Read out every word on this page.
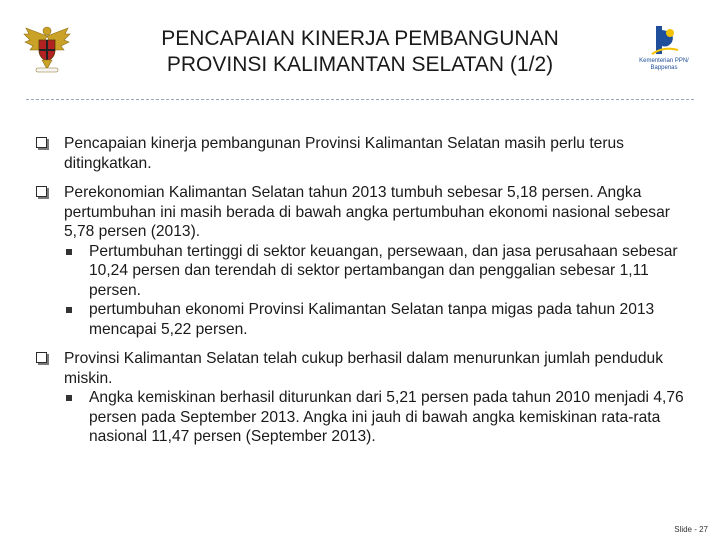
Kementerian PPN/
Bappenas
PENCAPAIAN KINERJA PEMBANGUNAN
PROVINSI KALIMANTAN SELATAN (1/2)
Pencapaian kinerja pembangunan Provinsi Kalimantan Selatan masih perlu terus ditingkatkan.
Perekonomian Kalimantan Selatan tahun 2013 tumbuh sebesar 5,18 persen. Angka pertumbuhan ini masih berada di bawah angka pertumbuhan ekonomi nasional sebesar 5,78 persen (2013).
Pertumbuhan tertinggi di sektor keuangan, persewaan, dan jasa perusahaan sebesar 10,24 persen dan terendah di sektor pertambangan dan penggalian sebesar 1,11 persen.
pertumbuhan ekonomi Provinsi Kalimantan Selatan tanpa migas pada tahun 2013 mencapai 5,22 persen.
Provinsi Kalimantan Selatan telah cukup berhasil dalam menurunkan jumlah penduduk miskin.
Angka kemiskinan berhasil diturunkan dari 5,21 persen pada tahun 2010 menjadi 4,76 persen pada September 2013. Angka ini jauh di bawah angka kemiskinan rata-rata nasional 11,47 persen (September 2013).
Slide - 27
